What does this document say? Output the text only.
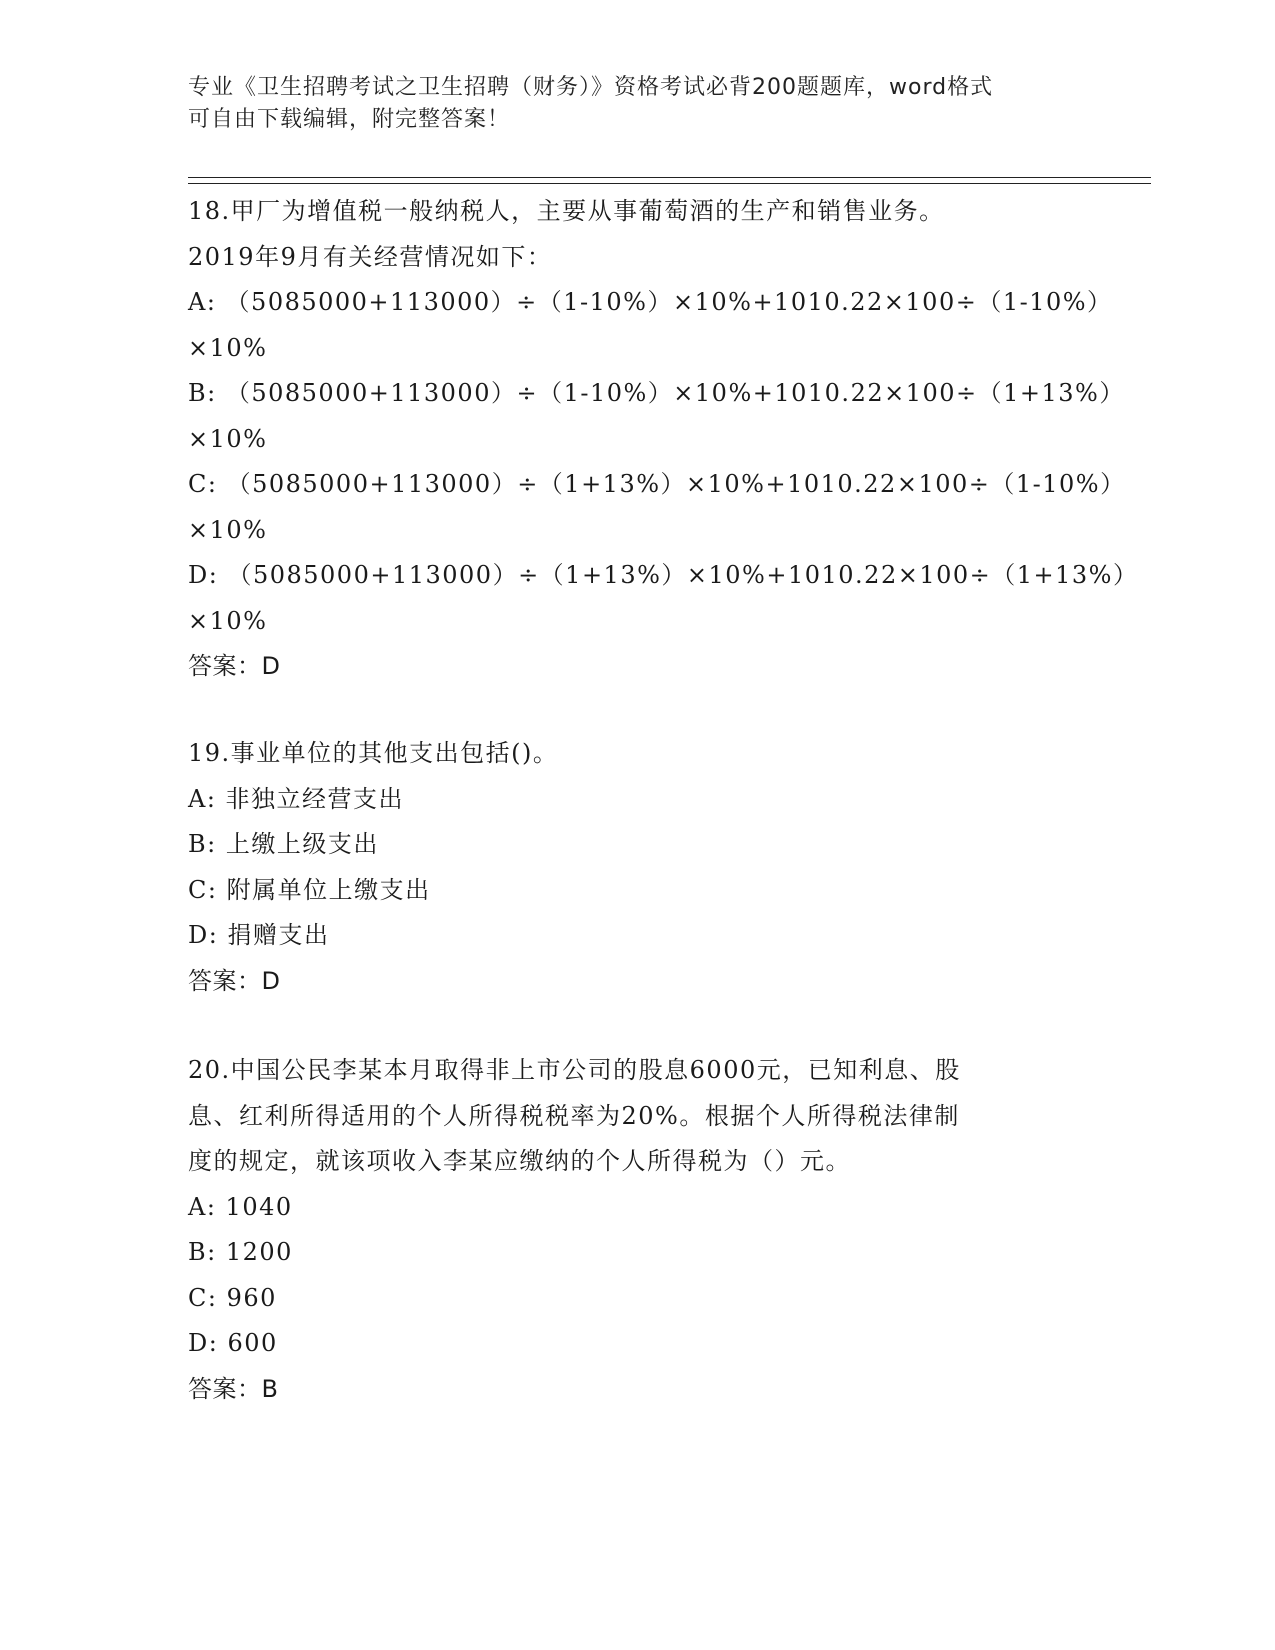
专业《卫生招聘考试之卫生招聘（财务）》资格考试必背200题题库，word格式
可自由下载编辑，附完整答案！
18.甲厂为增值税一般纳税人，主要从事葡萄酒的生产和销售业务。
2019年9月有关经营情况如下：
A: （5085000+113000）÷（1-10%）×10%+1010.22×100÷（1-10%）
×10%
B: （5085000+113000）÷（1-10%）×10%+1010.22×100÷（1+13%）
×10%
C: （5085000+113000）÷（1+13%）×10%+1010.22×100÷（1-10%）
×10%
D: （5085000+113000）÷（1+13%）×10%+1010.22×100÷（1+13%）
×10%
答案：D
19.事业单位的其他支出包括()。
A: 非独立经营支出
B: 上缴上级支出
C: 附属单位上缴支出
D: 捐赠支出
答案：D
20.中国公民李某本月取得非上市公司的股息6000元，已知利息、股
息、红利所得适用的个人所得税税率为20%。根据个人所得税法律制
度的规定，就该项收入李某应缴纳的个人所得税为（）元。
A: 1040
B: 1200
C: 960
D: 600
答案：B
